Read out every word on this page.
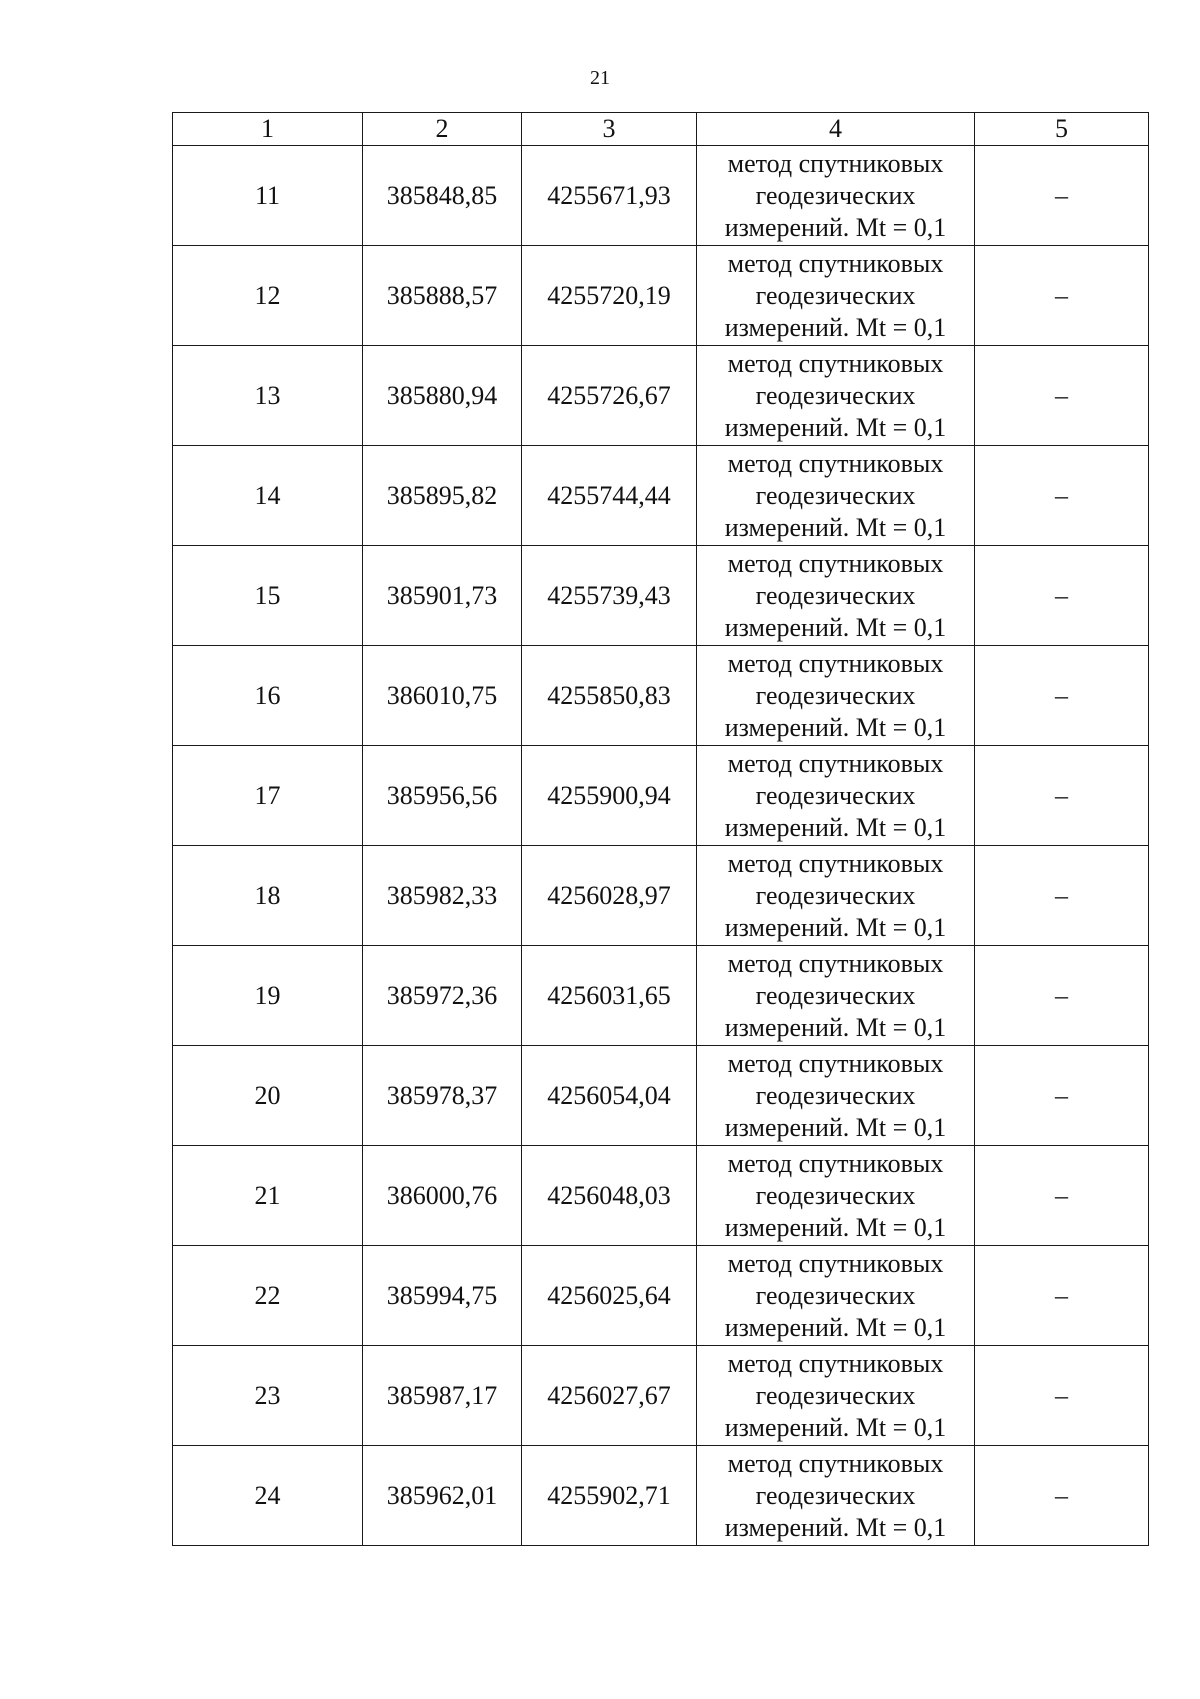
21
1	2	3	4	5
11	385848,85	4255671,93	метод спутниковых
геодезических
измерений. Mt = 0,1	–
12	385888,57	4255720,19	метод спутниковых
геодезических
измерений. Mt = 0,1	–
13	385880,94	4255726,67	метод спутниковых
геодезических
измерений. Mt = 0,1	–
14	385895,82	4255744,44	метод спутниковых
геодезических
измерений. Mt = 0,1	–
15	385901,73	4255739,43	метод спутниковых
геодезических
измерений. Mt = 0,1	–
16	386010,75	4255850,83	метод спутниковых
геодезических
измерений. Mt = 0,1	–
17	385956,56	4255900,94	метод спутниковых
геодезических
измерений. Mt = 0,1	–
18	385982,33	4256028,97	метод спутниковых
геодезических
измерений. Mt = 0,1	–
19	385972,36	4256031,65	метод спутниковых
геодезических
измерений. Mt = 0,1	–
20	385978,37	4256054,04	метод спутниковых
геодезических
измерений. Mt = 0,1	–
21	386000,76	4256048,03	метод спутниковых
геодезических
измерений. Mt = 0,1	–
22	385994,75	4256025,64	метод спутниковых
геодезических
измерений. Mt = 0,1	–
23	385987,17	4256027,67	метод спутниковых
геодезических
измерений. Mt = 0,1	–
24	385962,01	4255902,71	метод спутниковых
геодезических
измерений. Mt = 0,1	–
